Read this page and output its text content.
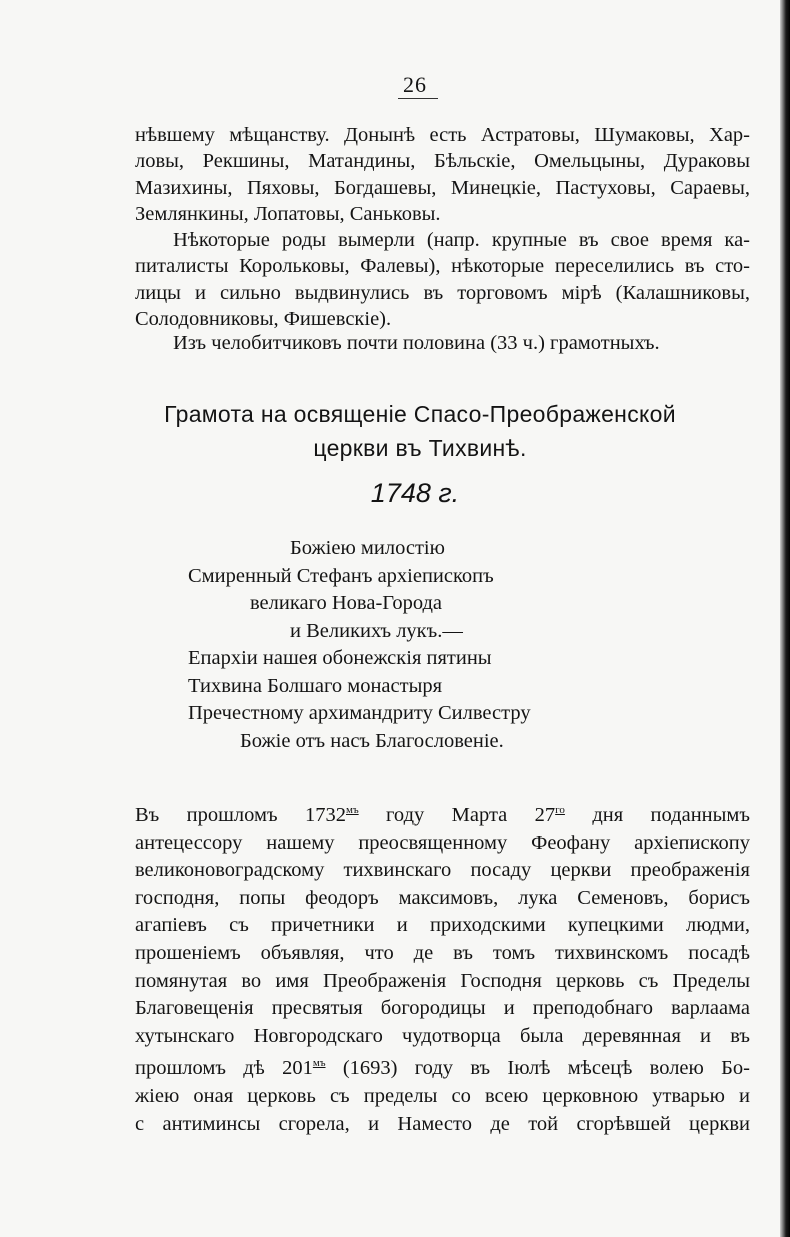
26
нѣвшему мѣщанству. Донынѣ есть Астратовы, Шумаковы, Хар-
ловы, Рекшины, Матандины, Бѣльскіе, Омельцыны, Дураковы
Мазихины, Пяховы, Богдашевы, Минецкіе, Пастуховы, Сараевы,
Землянкины, Лопатовы, Саньковы.
Нѣкоторые роды вымерли (напр. крупные въ свое время ка-
питалисты Корольковы, Фалевы), нѣкоторые переселились въ сто-
лицы и сильно выдвинулись въ торговомъ мірѣ (Калашниковы,
Солодовниковы, Фишевскіе).
Изъ челобитчиковъ почти половина (33 ч.) грамотныхъ.
Грамота на освященіе Спасо-Преображенской
церкви въ Тихвинѣ.
1748 г.
Божіею милостію
Смиренный Стефанъ архіепископъ
великаго Нова-Города
и Великихъ лукъ.—
Епархіи нашея обонежскія пятины
Тихвина Болшаго монастыря
Пречестному архимандриту Силвестру
Божіе отъ насъ Благословеніе.
Въ прошломъ $1732^{мъ}$ году Марта $27^{го}$ дня поданнымъ
антецессору нашему преосвященному Феофану архіепископу
великоновоградскому тихвинскаго посаду церкви преображенія
господня, попы феодоръ максимовъ, лука Семеновъ, борисъ
агапіевъ съ причетники и приходскими купецкими людми,
прошеніемъ объявляя, что де въ томъ тихвинскомъ посадѣ
помянутая во имя Преображенія Господня церковь съ Пределы
Благовещенія пресвятыя богородицы и преподобнаго варлаама
хутынскаго Новгородскаго чудотворца была деревянная и въ
прошломъ дѣ $201^{мъ}$ (1693) году въ Іюлѣ мѣсецѣ волею Бо-
жіею оная церковь съ пределы со всею церковною утварью и
с антиминсы сгорела, и Наместо де той сгорѣвшей церкви
